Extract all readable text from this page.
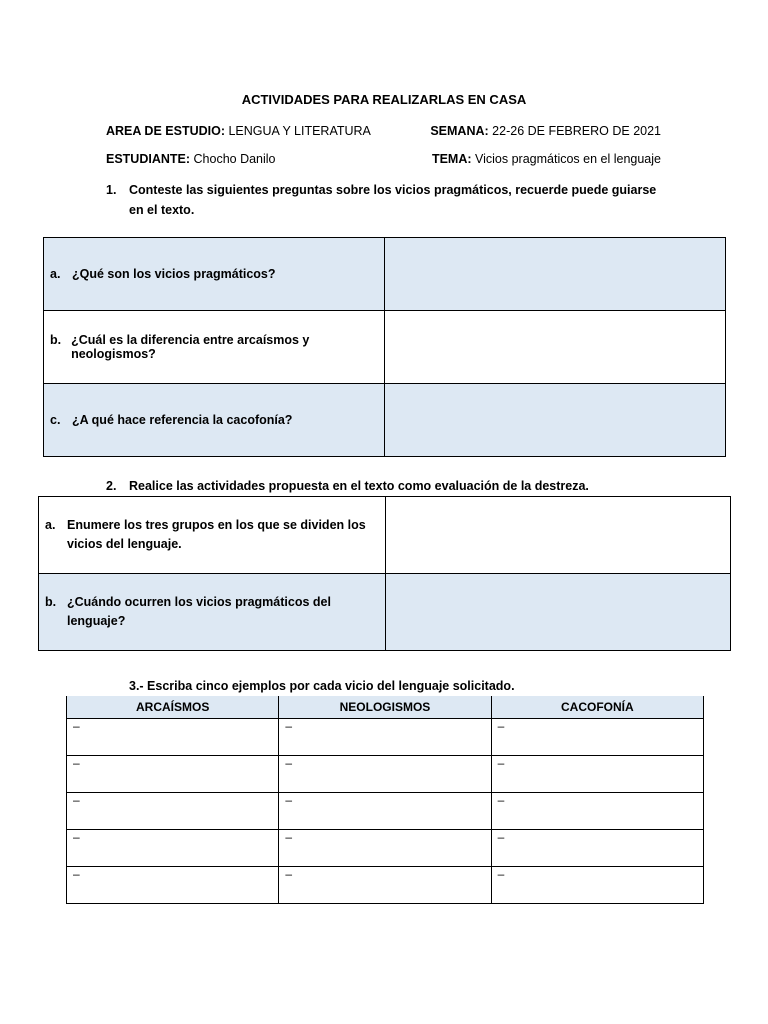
ACTIVIDADES PARA REALIZARLAS EN CASA
AREA DE ESTUDIO: LENGUA Y LITERATURA	SEMANA: 22-26 DE FEBRERO DE 2021
ESTUDIANTE: Chocho Danilo	TEMA: Vicios pragmáticos en el lenguaje
1. Conteste las siguientes preguntas sobre los vicios pragmáticos, recuerde puede guiarse en el texto.
a. ¿Qué son los vicios pragmáticos?	

b. ¿Cuál es la diferencia entre arcaísmos y neologismos?	

c. ¿A qué hace referencia la cacofonía?	

2. Realice las actividades propuesta en el texto como evaluación de la destreza.
a. Enumere los tres grupos en los que se dividen los vicios del lenguaje.	

b. ¿Cuándo ocurren los vicios pragmáticos del lenguaje?	

3.- Escriba cinco ejemplos por cada vicio del lenguaje solicitado.
ARCAÍSMOS	NEOLOGISMOS	CACOFONÍA
–	–	–
–	–	–
–	–	–
–	–	–
–	–	–
